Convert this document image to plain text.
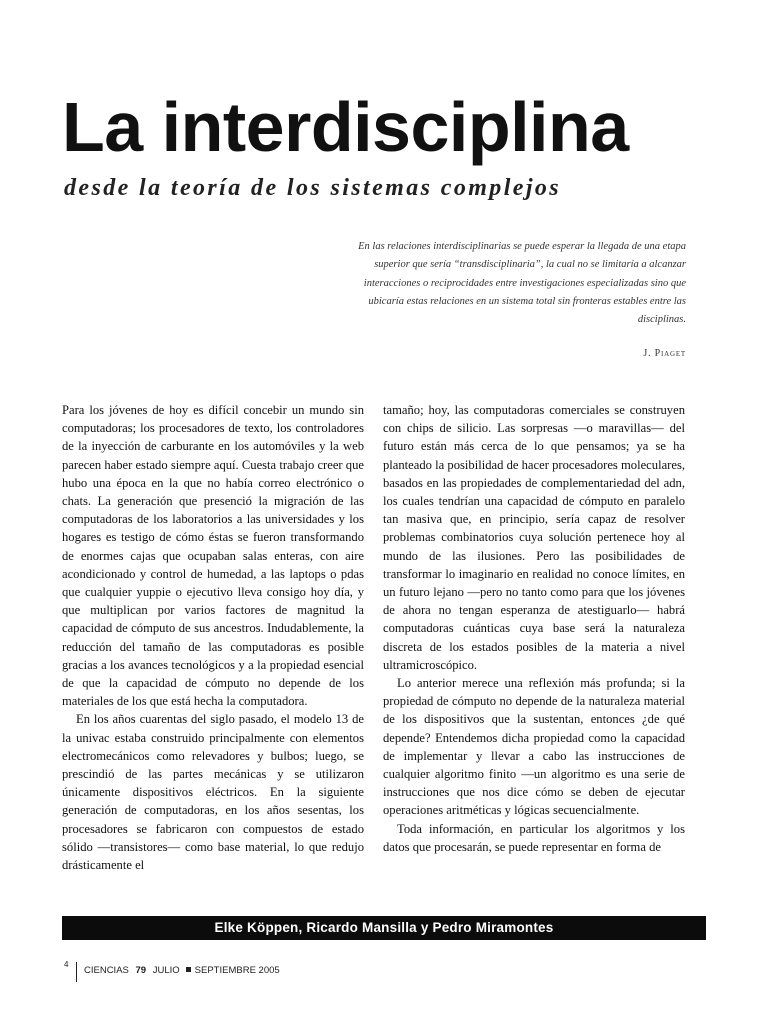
La interdisciplina
desde la teoría de los sistemas complejos
En las relaciones interdisciplinarias se puede esperar la llegada de una etapa superior que sería “transdisciplinaria”, la cual no se limitaría a alcanzar interacciones o reciprocidades entre investigaciones especializadas sino que ubicaría estas relaciones en un sistema total sin fronteras estables entre las disciplinas.
J. Piaget

Para los jóvenes de hoy es difícil concebir un mundo sin computadoras; los procesadores de texto, los controladores de la inyección de carburante en los automóviles y la web parecen haber estado siempre aquí. Cuesta trabajo creer que hubo una época en la que no había correo electrónico o chats. La generación que presenció la migración de las computadoras de los laboratorios a las universidades y los hogares es testigo de cómo éstas se fueron transformando de enormes cajas que ocupaban salas enteras, con aire acondicionado y control de humedad, a las laptops o pdas que cualquier yuppie o ejecutivo lleva consigo hoy día, y que multiplican por varios factores de magnitud la capacidad de cómputo de sus ancestros. Indudablemente, la reducción del tamaño de las computadoras es posible gracias a los avances tecnológicos y a la propiedad esencial de que la capacidad de cómputo no depende de los materiales de los que está hecha la computadora.

En los años cuarentas del siglo pasado, el modelo 13 de la univac estaba construido principalmente con elementos electromecánicos como relevadores y bulbos; luego, se prescindió de las partes mecánicas y se utilizaron únicamente dispositivos eléctricos. En la siguiente generación de computadoras, en los años sesentas, los procesadores se fabricaron con compuestos de estado sólido —transistores— como base material, lo que redujo drásticamente el

tamaño; hoy, las computadoras comerciales se construyen con chips de silicio. Las sorpresas —o maravillas— del futuro están más cerca de lo que pensamos; ya se ha planteado la posibilidad de hacer procesadores moleculares, basados en las propiedades de complementariedad del adn, los cuales tendrían una capacidad de cómputo en paralelo tan masiva que, en principio, sería capaz de resolver problemas combinatorios cuya solución pertenece hoy al mundo de las ilusiones. Pero las posibilidades de transformar lo imaginario en realidad no conoce límites, en un futuro lejano —pero no tanto como para que los jóvenes de ahora no tengan esperanza de atestiguarlo— habrá computadoras cuánticas cuya base será la naturaleza discreta de los estados posibles de la materia a nivel ultramicroscópico.

Lo anterior merece una reflexión más profunda; si la propiedad de cómputo no depende de la naturaleza material de los dispositivos que la sustentan, entonces ¿de qué depende? Entendemos dicha propiedad como la capacidad de implementar y llevar a cabo las instrucciones de cualquier algoritmo finito —un algoritmo es una serie de instrucciones que nos dice cómo se deben de ejecutar operaciones aritméticas y lógicas secuencialmente.

Toda información, en particular los algoritmos y los datos que procesarán, se puede representar en forma de

Elke Köppen, Ricardo Mansilla y Pedro Miramontes
4
CIENCIAS 79 JULIO SEPTIEMBRE 2005
